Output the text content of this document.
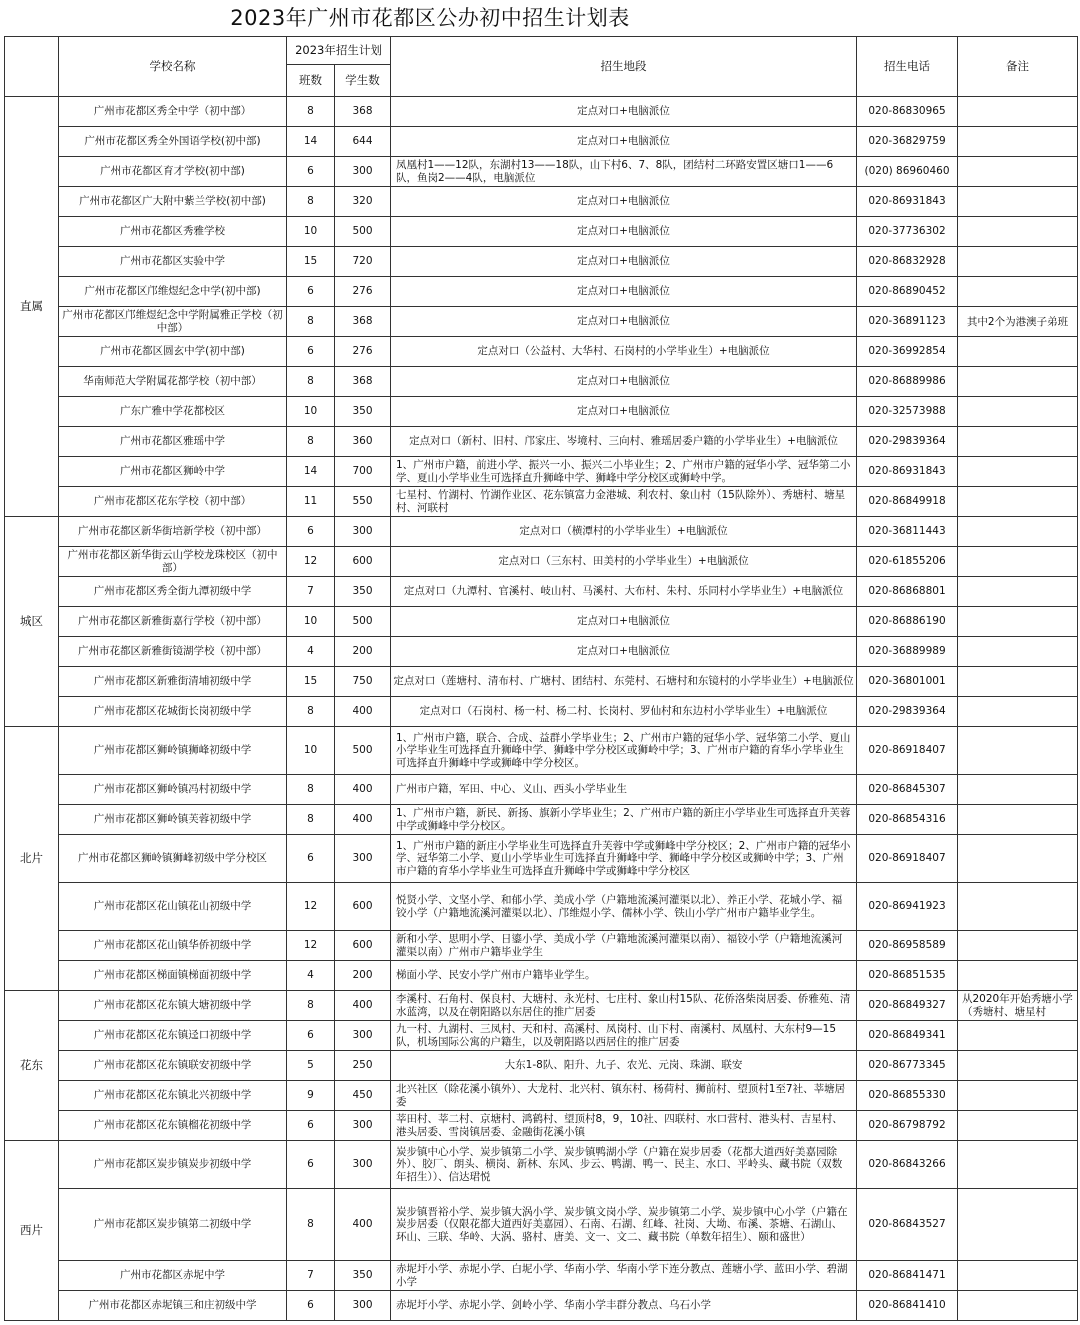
2023年广州市花都区公办初中招生计划表
	学校名称	2023年招生计划		招生地段	招生电话	备注
		班数	学生数			
直属	广州市花都区秀全中学（初中部）	8	368	定点对口+电脑派位	020-86830965	
	广州市花都区秀全外国语学校(初中部)	14	644	定点对口+电脑派位	020-36829759	
	广州市花都区育才学校(初中部)	6	300	凤凰村1——12队，东湖村13——18队，山下村6、7、8队，团结村二环路安置区塘口1——6队，鱼岗2——4队，电脑派位	(020) 86960460	
	广州市花都区广大附中紫兰学校(初中部)	8	320	定点对口+电脑派位	020-86931843	
	广州市花都区秀雅学校	10	500	定点对口+电脑派位	020-37736302	
	广州市花都区实验中学	15	720	定点对口+电脑派位	020-86832928	
	广州市花都区邝维煜纪念中学(初中部)	6	276	定点对口+电脑派位	020-86890452	
	广州市花都区邝维煜纪念中学附属雅正学校（初中部）	8	368	定点对口+电脑派位	020-36891123	其中2个为港澳子弟班
	广州市花都区圆玄中学(初中部)	6	276	定点对口（公益村、大华村、石岗村的小学毕业生）+电脑派位	020-36992854	
	华南师范大学附属花都学校（初中部）	8	368	定点对口+电脑派位	020-86889986	
	广东广雅中学花都校区	10	350	定点对口+电脑派位	020-32573988	
	广州市花都区雅瑶中学	8	360	定点对口（新村、旧村、邝家庄、岑境村、三向村、雅瑶居委户籍的小学毕业生）+电脑派位	020-29839364	
	广州市花都区狮岭中学	14	700	1、广州市户籍，前进小学、振兴一小、振兴二小毕业生；2、广州市户籍的冠华小学、冠华第二小学、夏山小学毕业生可选择直升狮峰中学、狮峰中学分校区或狮岭中学。	020-86931843	
	广州市花都区花东学校（初中部）	11	550	七星村、竹湖村、竹湖作业区、花东镇富力金港城、利农村、象山村（15队除外）、秀塘村、塘星村、河联村	020-86849918	
城区	广州市花都区新华街培新学校（初中部）	6	300	定点对口（横潭村的小学毕业生）+电脑派位	020-36811443	
	广州市花都区新华街云山学校龙珠校区（初中部）	12	600	定点对口（三东村、田美村的小学毕业生）+电脑派位	020-61855206	
	广州市花都区秀全街九潭初级中学	7	350	定点对口（九潭村、官溪村、岐山村、马溪村、大布村、朱村、乐同村小学毕业生）+电脑派位	020-86868801	
	广州市花都区新雅街嘉行学校（初中部）	10	500	定点对口+电脑派位	020-86886190	
	广州市花都区新雅街镜湖学校（初中部）	4	200	定点对口+电脑派位	020-36889989	
	广州市花都区新雅街清埔初级中学	15	750	定点对口（莲塘村、清布村、广塘村、团结村、东莞村、石塘村和东镜村的小学毕业生）+电脑派位	020-36801001	
	广州市花都区花城街长岗初级中学	8	400	定点对口（石岗村、杨一村、杨二村、长岗村、罗仙村和东边村小学毕业生）+电脑派位	020-29839364	
北片	广州市花都区狮岭镇狮峰初级中学	10	500	1、广州市户籍，联合、合成、益群小学毕业生；2、广州市户籍的冠华小学、冠华第二小学、夏山小学毕业生可选择直升狮峰中学、狮峰中学分校区或狮岭中学；3、广州市户籍的育华小学毕业生可选择直升狮峰中学或狮峰中学分校区。	020-86918407	
	广州市花都区狮岭镇冯村初级中学	8	400	广州市户籍，军田、中心、义山、西头小学毕业生	020-86845307	
	广州市花都区狮岭镇芙蓉初级中学	8	400	1、广州市户籍，新民、新扬、旗新小学毕业生；2、广州市户籍的新庄小学毕业生可选择直升芙蓉中学或狮峰中学分校区。	020-86854316	
	广州市花都区狮岭镇狮峰初级中学分校区	6	300	1、广州市户籍的新庄小学毕业生可选择直升芙蓉中学或狮峰中学分校区；2、广州市户籍的冠华小学、冠华第二小学、夏山小学毕业生可选择直升狮峰中学、狮峰中学分校区或狮岭中学；3、广州市户籍的育华小学毕业生可选择直升狮峰中学或狮峰中学分校区	020-86918407	
	广州市花都区花山镇花山初级中学	12	600	悦贤小学、文坚小学、和郁小学、美成小学（户籍地流溪河灌渠以北）、养正小学、花城小学、福铰小学（户籍地流溪河灌渠以北）、邝维煜小学、儒林小学、铁山小学广州市户籍毕业学生。	020-86941923	
	广州市花都区花山镇华侨初级中学	12	600	新和小学、思明小学、日鎏小学、美成小学（户籍地流溪河灌渠以南）、福铰小学（户籍地流溪河灌渠以南）广州市户籍毕业学生	020-86958589	
	广州市花都区梯面镇梯面初级中学	4	200	梯面小学、民安小学广州市户籍毕业学生。	020-86851535	
花东	广州市花都区花东镇大塘初级中学	8	400	李溪村、石角村、保良村、大塘村、永光村、七庄村、象山村15队、花侨洛柴岗居委、侨雅苑、清水蓝湾，以及在朝阳路以东居住的推广居委	020-86849327	从2020年开始秀塘小学（秀塘村、塘星村
	广州市花都区花东镇迳口初级中学	6	300	九一村、九湖村、三凤村、天和村、高溪村、凤岗村、山下村、南溪村、凤凰村、大东村9—15队，机场国际公寓的户籍生，以及朝阳路以西居住的推广居委	020-86849341	
	广州市花都区花东镇联安初级中学	5	250	大东1-8队、阳升、九子、农光、元岗、珠湖、联安	020-86773345	
	广州市花都区花东镇北兴初级中学	9	450	北兴社区（除花溪小镇外）、大龙村、北兴村、镇东村、杨荷村、狮前村、望顶村1至7社、莘塘居委	020-86855330	
	广州市花都区花东镇榴花初级中学	6	300	莘田村、莘二村、京塘村、鸿鹤村、望顶村8，9，10社、四联村、水口营村、港头村、吉星村、港头居委、雪岗镇居委、金融街花溪小镇	020-86798792	
西片	广州市花都区炭步镇炭步初级中学	6	300	炭步镇中心小学、炭步镇第二小学、炭步镇鸭湖小学（户籍在炭步居委（花都大道西好美嘉园除外）、胶厂、朗头、横岗、新林、东风、步云、鸭湖、鸭一、民主、水口、平岭头、藏书院（双数年招生））、信达珺悦	020-86843266	
	广州市花都区炭步镇第二初级中学	8	400	炭步镇晋裕小学、炭步镇大涡小学、炭步镇文岗小学、炭步镇第二小学、炭步镇中心小学（户籍在炭步居委（仅限花都大道西好美嘉园）、石南、石湖、红峰、社岗、大坳、布溪、茶塘、石湖山、环山、三联、华岭、大涡、骆村、唐美、文一、文二、藏书院（单数年招生）、颐和盛世）	020-86843527	
	广州市花都区赤坭中学	7	350	赤坭圩小学、赤坭小学、白坭小学、华南小学、华南小学下连分教点、莲塘小学、蓝田小学、碧湖小学	020-86841471	
	广州市花都区赤坭镇三和庄初级中学	6	300	赤坭圩小学、赤坭小学、剑岭小学、华南小学丰群分教点、乌石小学	020-86841410	
